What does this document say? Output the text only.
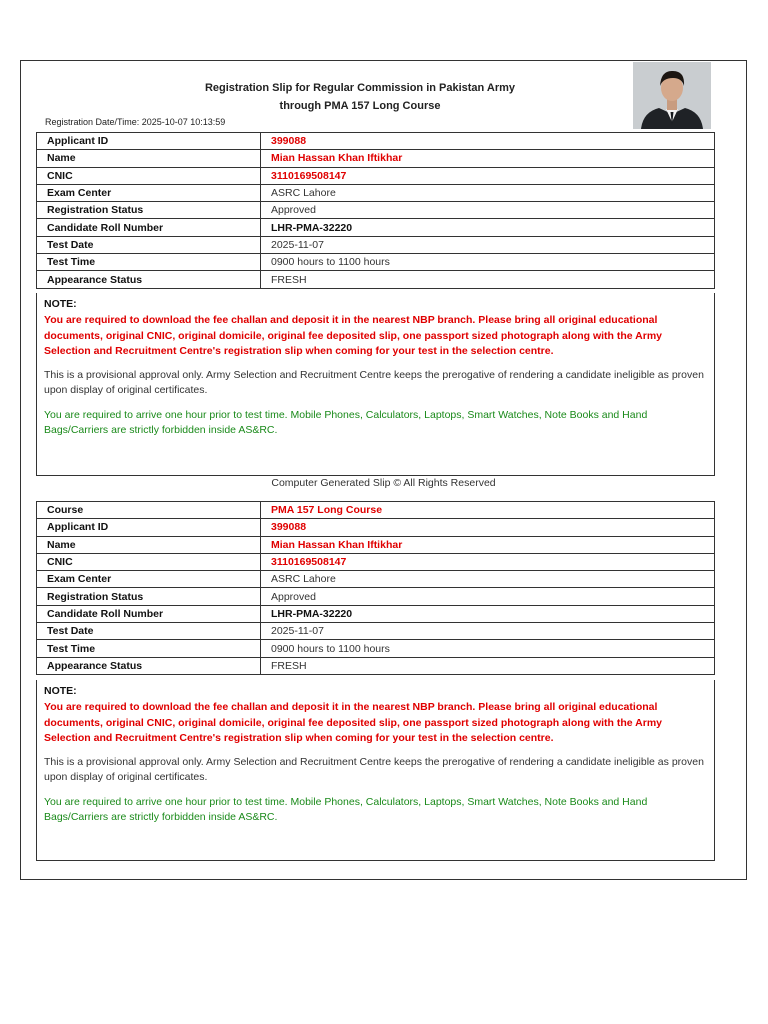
Registration Slip for Regular Commission in Pakistan Army
through PMA 157 Long Course
Registration Date/Time: 2025-10-07 10:13:59
Applicant ID	399088
Name	Mian Hassan Khan Iftikhar
CNIC	3110169508147
Exam Center	ASRC Lahore
Registration Status	Approved
Candidate Roll Number	LHR-PMA-32220
Test Date	2025-11-07
Test Time	0900 hours to 1100 hours
Appearance Status	FRESH
NOTE:
You are required to download the fee challan and deposit it in the nearest NBP branch. Please bring all original educational documents, original CNIC, original domicile, original fee deposited slip, one passport sized photograph along with the Army Selection and Recruitment Centre's registration slip when coming for your test in the selection centre.
This is a provisional approval only. Army Selection and Recruitment Centre keeps the prerogative of rendering a candidate ineligible as proven upon display of original certificates.
You are required to arrive one hour prior to test time. Mobile Phones, Calculators, Laptops, Smart Watches, Note Books and Hand Bags/Carriers are strictly forbidden inside AS&RC.
Computer Generated Slip © All Rights Reserved
Course	PMA 157 Long Course
Applicant ID	399088
Name	Mian Hassan Khan Iftikhar
CNIC	3110169508147
Exam Center	ASRC Lahore
Registration Status	Approved
Candidate Roll Number	LHR-PMA-32220
Test Date	2025-11-07
Test Time	0900 hours to 1100 hours
Appearance Status	FRESH
NOTE:
You are required to download the fee challan and deposit it in the nearest NBP branch. Please bring all original educational documents, original CNIC, original domicile, original fee deposited slip, one passport sized photograph along with the Army Selection and Recruitment Centre's registration slip when coming for your test in the selection centre.
This is a provisional approval only. Army Selection and Recruitment Centre keeps the prerogative of rendering a candidate ineligible as proven upon display of original certificates.
You are required to arrive one hour prior to test time. Mobile Phones, Calculators, Laptops, Smart Watches, Note Books and Hand Bags/Carriers are strictly forbidden inside AS&RC.
